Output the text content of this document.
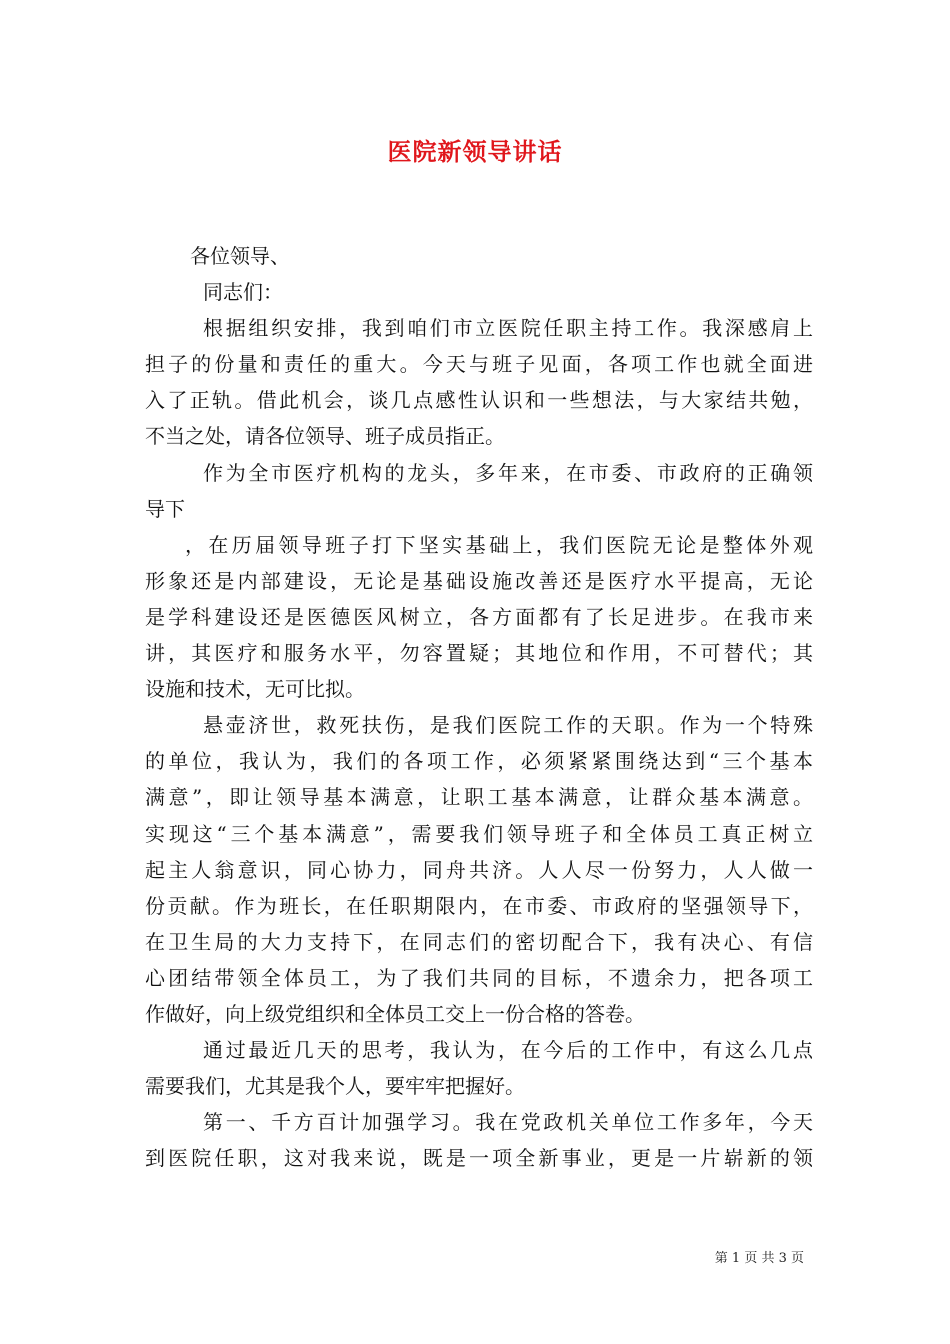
医院新领导讲话

各位领导、

同志们：

根据组织安排，我到咱们市立医院任职主持工作。我深感肩上
担子的份量和责任的重大。今天与班子见面，各项工作也就全面进
入了正轨。借此机会，谈几点感性认识和一些想法，与大家结共勉，
不当之处，请各位领导、班子成员指正。
作为全市医疗机构的龙头，多年来，在市委、市政府的正确领
导下
，在历届领导班子打下坚实基础上，我们医院无论是整体外观
形象还是内部建设，无论是基础设施改善还是医疗水平提高，无论
是学科建设还是医德医风树立，各方面都有了长足进步。在我市来
讲，其医疗和服务水平，勿容置疑；其地位和作用，不可替代；其
设施和技术，无可比拟。
悬壶济世，救死扶伤，是我们医院工作的天职。作为一个特殊
的单位，我认为，我们的各项工作，必须紧紧围绕达到“三个基本
满意”，即让领导基本满意，让职工基本满意，让群众基本满意。
实现这“三个基本满意”，需要我们领导班子和全体员工真正树立
起主人翁意识，同心协力，同舟共济。人人尽一份努力，人人做一
份贡献。作为班长，在任职期限内，在市委、市政府的坚强领导下，
在卫生局的大力支持下，在同志们的密切配合下，我有决心、有信
心团结带领全体员工，为了我们共同的目标，不遗余力，把各项工
作做好，向上级党组织和全体员工交上一份合格的答卷。
通过最近几天的思考，我认为，在今后的工作中，有这么几点
需要我们，尤其是我个人，要牢牢把握好。
第一、千方百计加强学习。我在党政机关单位工作多年，今天
到医院任职，这对我来说，既是一项全新事业，更是一片崭新的领
第 1 页 共 3 页
